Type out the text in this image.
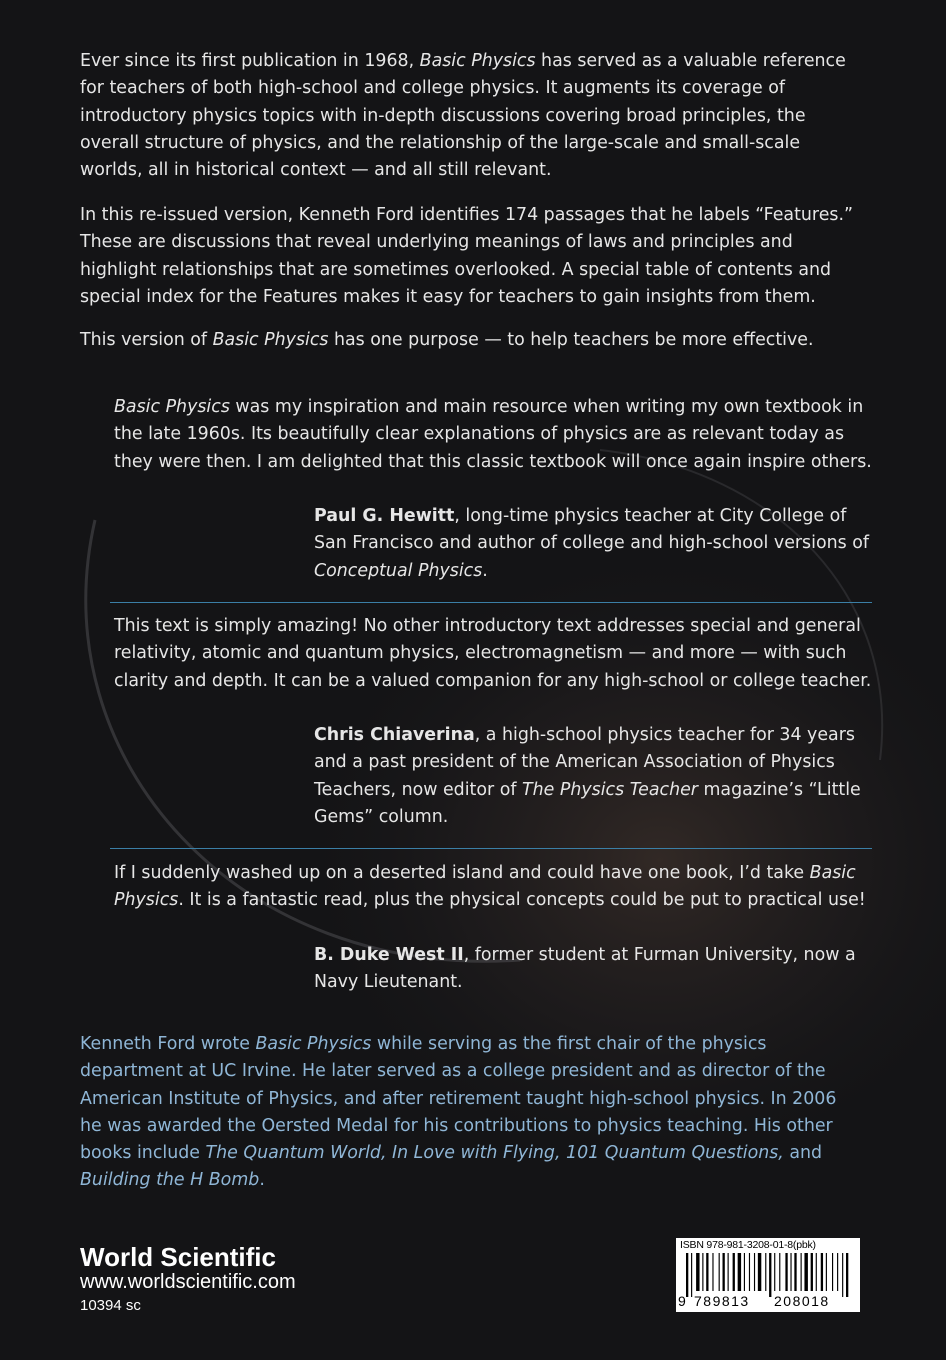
Ever since its first publication in 1968, Basic Physics has served as a valuable reference for teachers of both high-school and college physics. It augments its coverage of introductory physics topics with in-depth discussions covering broad principles, the overall structure of physics, and the relationship of the large-scale and small-scale worlds, all in historical context — and all still relevant.

In this re-issued version, Kenneth Ford identifies 174 passages that he labels “Features.” These are discussions that reveal underlying meanings of laws and principles and highlight relationships that are sometimes overlooked. A special table of contents and special index for the Features makes it easy for teachers to gain insights from them.

This version of Basic Physics has one purpose — to help teachers be more effective.

Basic Physics was my inspiration and main resource when writing my own textbook in the late 1960s. Its beautifully clear explanations of physics are as relevant today as they were then. I am delighted that this classic textbook will once again inspire others.

Paul G. Hewitt, long-time physics teacher at City College of San Francisco and author of college and high-school versions of Conceptual Physics.

This text is simply amazing! No other introductory text addresses special and general relativity, atomic and quantum physics, electromagnetism — and more — with such clarity and depth. It can be a valued companion for any high-school or college teacher.

Chris Chiaverina, a high-school physics teacher for 34 years and a past president of the American Association of Physics Teachers, now editor of The Physics Teacher magazine’s “Little Gems” column.

If I suddenly washed up on a deserted island and could have one book, I’d take Basic Physics. It is a fantastic read, plus the physical concepts could be put to practical use!

B. Duke West II, former student at Furman University, now a Navy Lieutenant.

Kenneth Ford wrote Basic Physics while serving as the first chair of the physics department at UC Irvine. He later served as a college president and as director of the American Institute of Physics, and after retirement taught high-school physics. In 2006 he was awarded the Oersted Medal for his contributions to physics teaching. His other books include The Quantum World, In Love with Flying, 101 Quantum Questions, and Building the H Bomb.

World Scientific
www.worldscientific.com
10394 sc
ISBN 978-981-3208-01-8(pbk)
9 789813 208018
